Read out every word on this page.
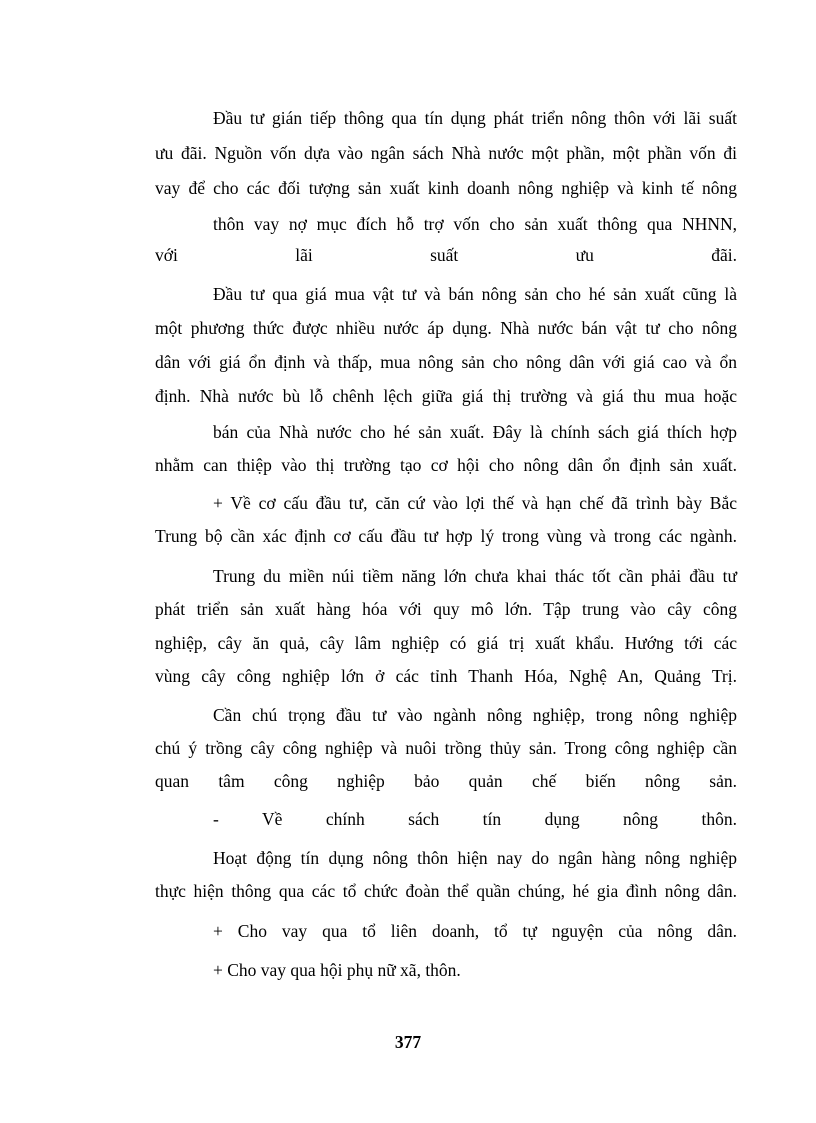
Đầu tư gián tiếp thông qua tín dụng phát triển nông thôn với lãi suất
ưu đãi. Nguồn vốn dựa vào ngân sách Nhà nước một phần, một phần vốn đi
vay để cho các đối tượng sản xuất kinh doanh nông nghiệp và kinh tế nông
thôn vay nợ mục đích hỗ trợ vốn cho sản xuất thông qua NHNN,
với lãi suất ưu đãi.
Đầu tư qua giá mua vật tư và bán nông sản cho hé sản xuất cũng là
một phương thức được nhiều nước áp dụng. Nhà nước bán vật tư cho nông
dân với giá ổn định và thấp, mua nông sản cho nông dân với giá cao và ổn
định. Nhà nước bù lỗ chênh lệch giữa giá thị trường và giá thu mua hoặc
bán của Nhà nước cho hé sản xuất. Đây là chính sách giá thích hợp
nhằm can thiệp vào thị trường tạo cơ hội cho nông dân ổn định sản xuất.
+ Về cơ cấu đầu tư, căn cứ vào lợi thế và hạn chế đã trình bày Bắc
Trung bộ cần xác định cơ cấu đầu tư hợp lý trong vùng và trong các ngành.
Trung du miền núi tiềm năng lớn chưa khai thác tốt cần phải đầu tư
phát triển sản xuất hàng hóa với quy mô lớn. Tập trung vào cây công
nghiệp, cây ăn quả, cây lâm nghiệp có giá trị xuất khẩu. Hướng tới các
vùng cây công nghiệp lớn ở các tỉnh Thanh Hóa, Nghệ An, Quảng Trị.
Cần chú trọng đầu tư vào ngành nông nghiệp, trong nông nghiệp
chú ý trồng cây công nghiệp và nuôi trồng thủy sản. Trong công nghiệp cần
quan tâm công nghiệp bảo quản chế biến nông sản.
- Về chính sách tín dụng nông thôn.
Hoạt động tín dụng nông thôn hiện nay do ngân hàng nông nghiệp
thực hiện thông qua các tổ chức đoàn thể quần chúng, hé gia đình nông dân.
+ Cho vay qua tổ liên doanh, tổ tự nguyện của nông dân.
+ Cho vay qua hội phụ nữ xã, thôn.
377
